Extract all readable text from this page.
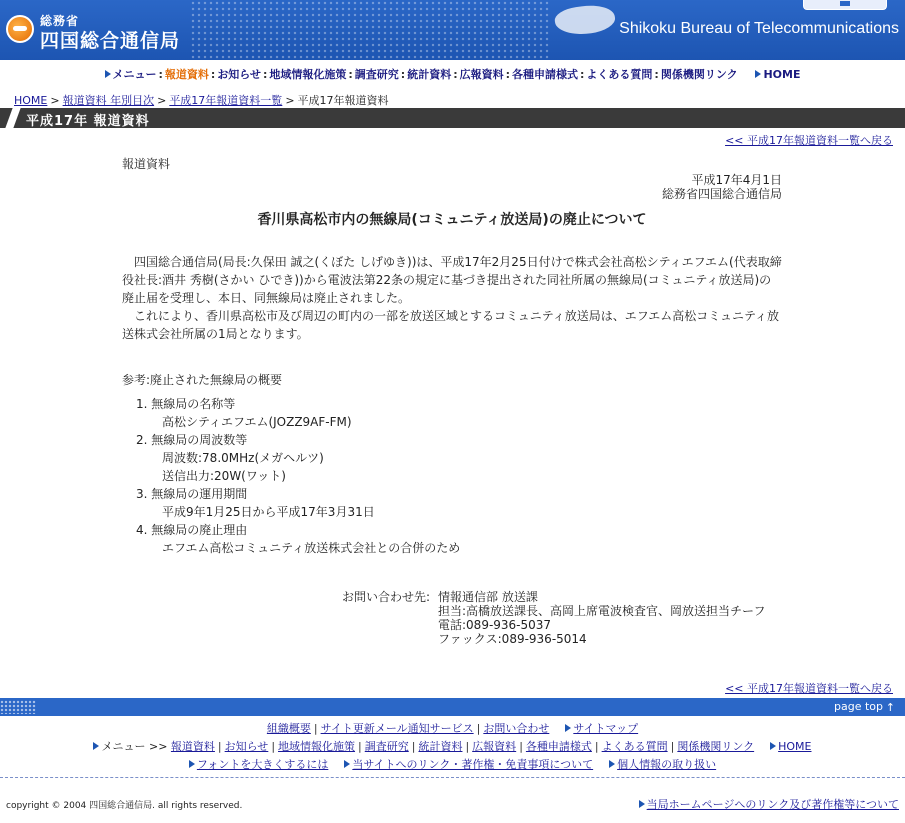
総務省
四国総合通信局
Shikoku Bureau of Telecommunications
メニュー : 報道資料 : お知らせ : 地域情報化施策 : 調査研究 : 統計資料 : 広報資料 : 各種申請様式 : よくある質問 : 関係機関リンク HOME
HOME > 報道資料 年別目次 > 平成17年報道資料一覧 > 平成17年報道資料
平成17年 報道資料
<< 平成17年報道資料一覧へ戻る
報道資料
平成17年4月1日
総務省四国総合通信局
香川県高松市内の無線局(コミュニティ放送局)の廃止について

四国総合通信局(局長:久保田 誠之(くぼた しげゆき))は、平成17年2月25日付けで株式会社高松シティエフエム(代表取締役社長:酒井 秀樹(さかい ひでき))から電波法第22条の規定に基づき提出された同社所属の無線局(コミュニティ放送局)の廃止届を受理し、本日、同無線局は廃止されました。

これにより、香川県高松市及び周辺の町内の一部を放送区域とするコミュニティ放送局は、エフエム高松コミュニティ放送株式会社所属の1局となります。

参考:廃止された無線局の概要
1. 無線局の名称等
高松シティエフエム(JOZZ9AF-FM)
2. 無線局の周波数等
周波数:78.0MHz(メガヘルツ)
送信出力:20W(ワット)
3. 無線局の運用期間
平成9年1月25日から平成17年3月31日
4. 無線局の廃止理由
エフエム高松コミュニティ放送株式会社との合併のため
お問い合わせ先: 情報通信部 放送課
担当:高橋放送課長、高岡上席電波検査官、岡放送担当チーフ
電話:089-936-5037
ファックス:089-936-5014
<< 平成17年報道資料一覧へ戻る
page top ↑
組織概要 | サイト更新メール通知サービス | お問い合わせ サイトマップ
メニュー >> 報道資料 | お知らせ | 地域情報化施策 | 調査研究 | 統計資料 | 広報資料 | 各種申請様式 | よくある質問 | 関係機関リンク HOME
フォントを大きくするには 当サイトへのリンク・著作権・免責事項について 個人情報の取り扱い
copyright © 2004 四国総合通信局. all rights reserved.	当局ホームページへのリンク及び著作権等について
